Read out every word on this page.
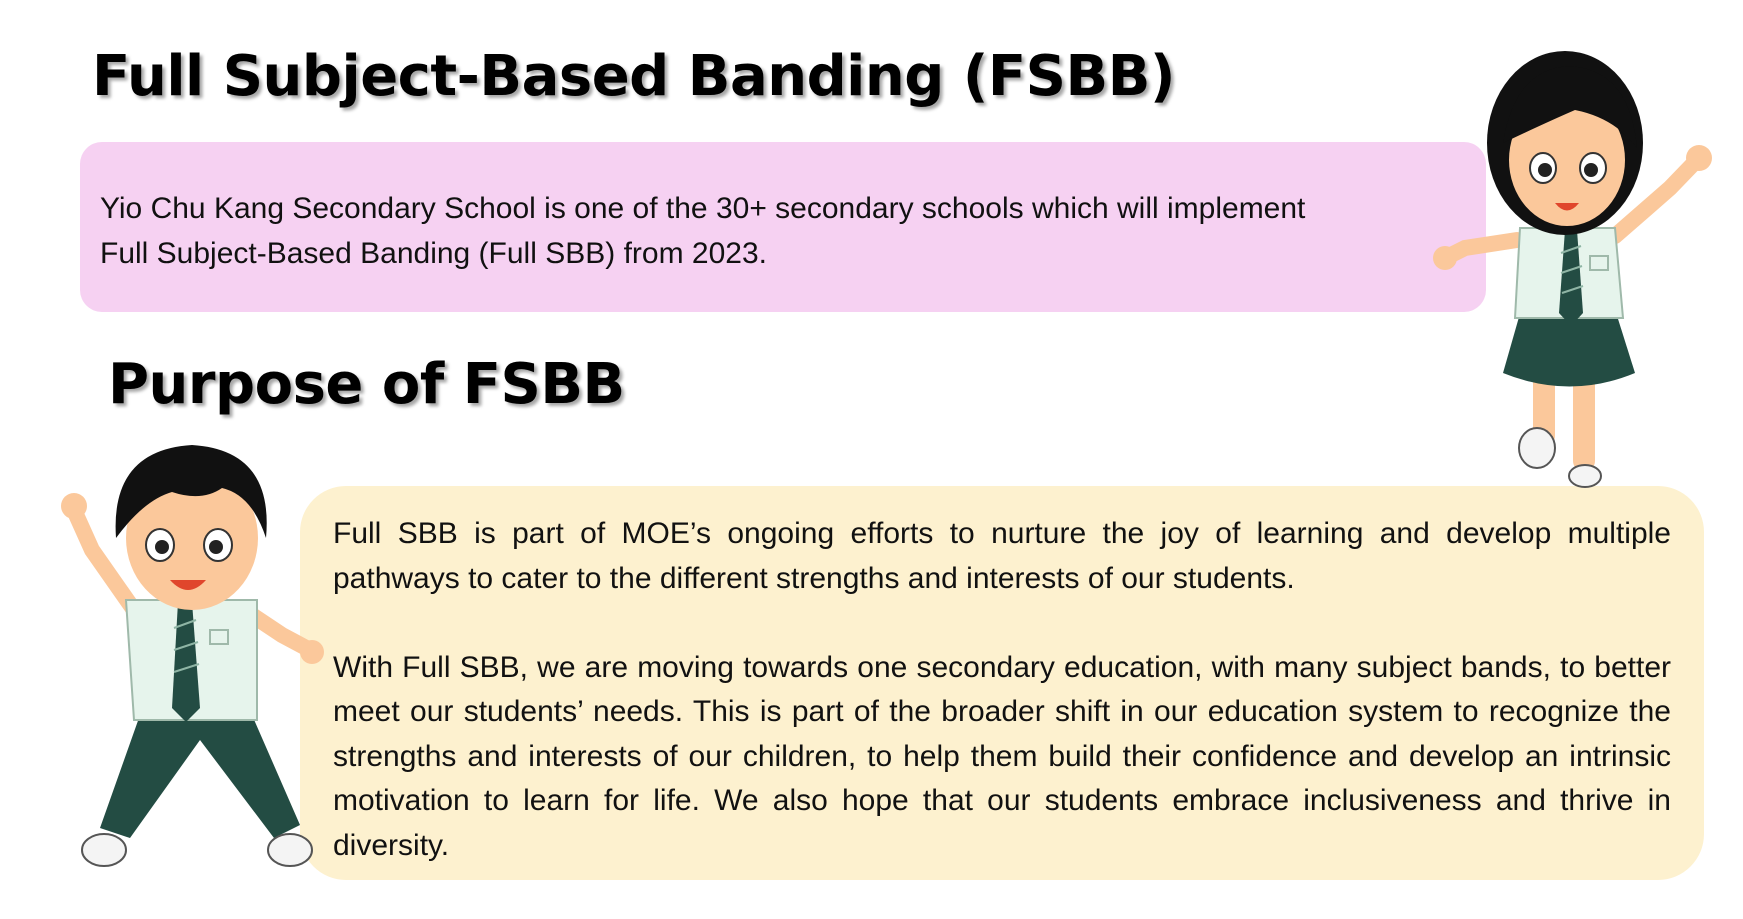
Full Subject-Based Banding (FSBB)
Yio Chu Kang Secondary School is one of the 30+ secondary schools which will implement
Full Subject-Based Banding (Full SBB) from 2023.
Purpose of FSBB

Full SBB is part of MOE’s ongoing efforts to nurture the joy of learning and develop multiple pathways to cater to the different strengths and interests of our students.

With Full SBB, we are moving towards one secondary education, with many subject bands, to better meet our students’ needs. This is part of the broader shift in our education system to recognize the strengths and interests of our children, to help them build their confidence and develop an intrinsic motivation to learn for life. We also hope that our students embrace inclusiveness and thrive in diversity.
